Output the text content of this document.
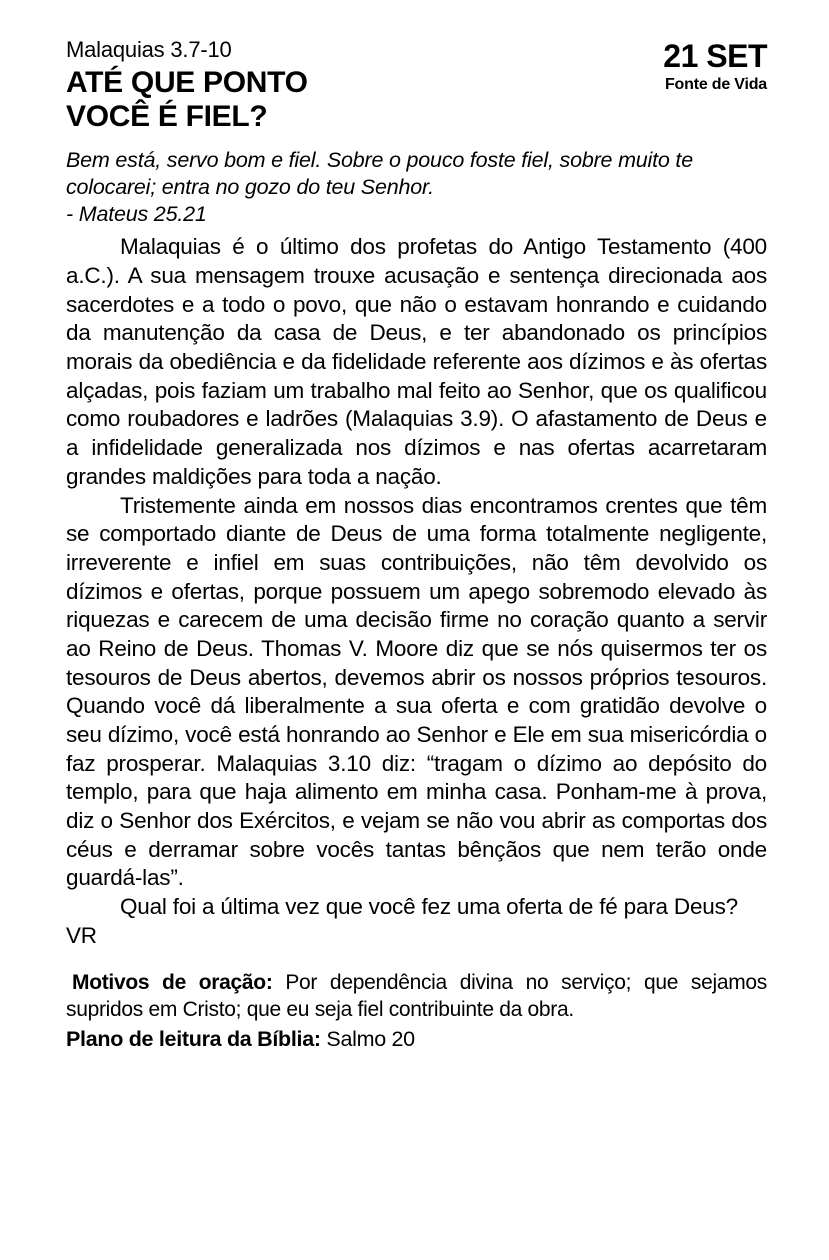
Malaquias 3.7-10
ATÉ QUE PONTO
VOCÊ É FIEL?
21 SET
Fonte de Vida
Bem está, servo bom e fiel. Sobre o pouco foste fiel, sobre muito te colocarei; entra no gozo do teu Senhor.
- Mateus 25.21

Malaquias é o último dos profetas do Antigo Testamento (400 a.C.). A sua mensagem trouxe acusação e sentença direcionada aos sacerdotes e a todo o povo, que não o estavam honrando e cuidando da manutenção da casa de Deus, e ter abandonado os princípios morais da obediência e da fidelidade referente aos dízimos e às ofertas alçadas, pois faziam um trabalho mal feito ao Senhor, que os qualificou como roubadores e ladrões (Malaquias 3.9). O afastamento de Deus e a infidelidade generalizada nos dízimos e nas ofertas acarretaram grandes maldições para toda a nação.

Tristemente ainda em nossos dias encontramos crentes que têm se comportado diante de Deus de uma forma totalmente negligente, irreverente e infiel em suas contribuições, não têm devolvido os dízimos e ofertas, porque possuem um apego sobremodo elevado às riquezas e carecem de uma decisão firme no coração quanto a servir ao Reino de Deus. Thomas V. Moore diz que se nós quisermos ter os tesouros de Deus abertos, devemos abrir os nossos próprios tesouros. Quando você dá liberalmente a sua oferta e com gratidão devolve o seu dízimo, você está honrando ao Senhor e Ele em sua misericórdia o faz prosperar. Malaquias 3.10 diz: “tragam o dízimo ao depósito do templo, para que haja alimento em minha casa. Ponham-me à prova, diz o Senhor dos Exércitos, e vejam se não vou abrir as comportas dos céus e derramar sobre vocês tantas bênçãos que nem terão onde guardá-las”.

Qual foi a última vez que você fez uma oferta de fé para Deus? VR

Motivos de oração: Por dependência divina no serviço; que sejamos supridos em Cristo; que eu seja fiel contribuinte da obra.

Plano de leitura da Bíblia: Salmo 20
